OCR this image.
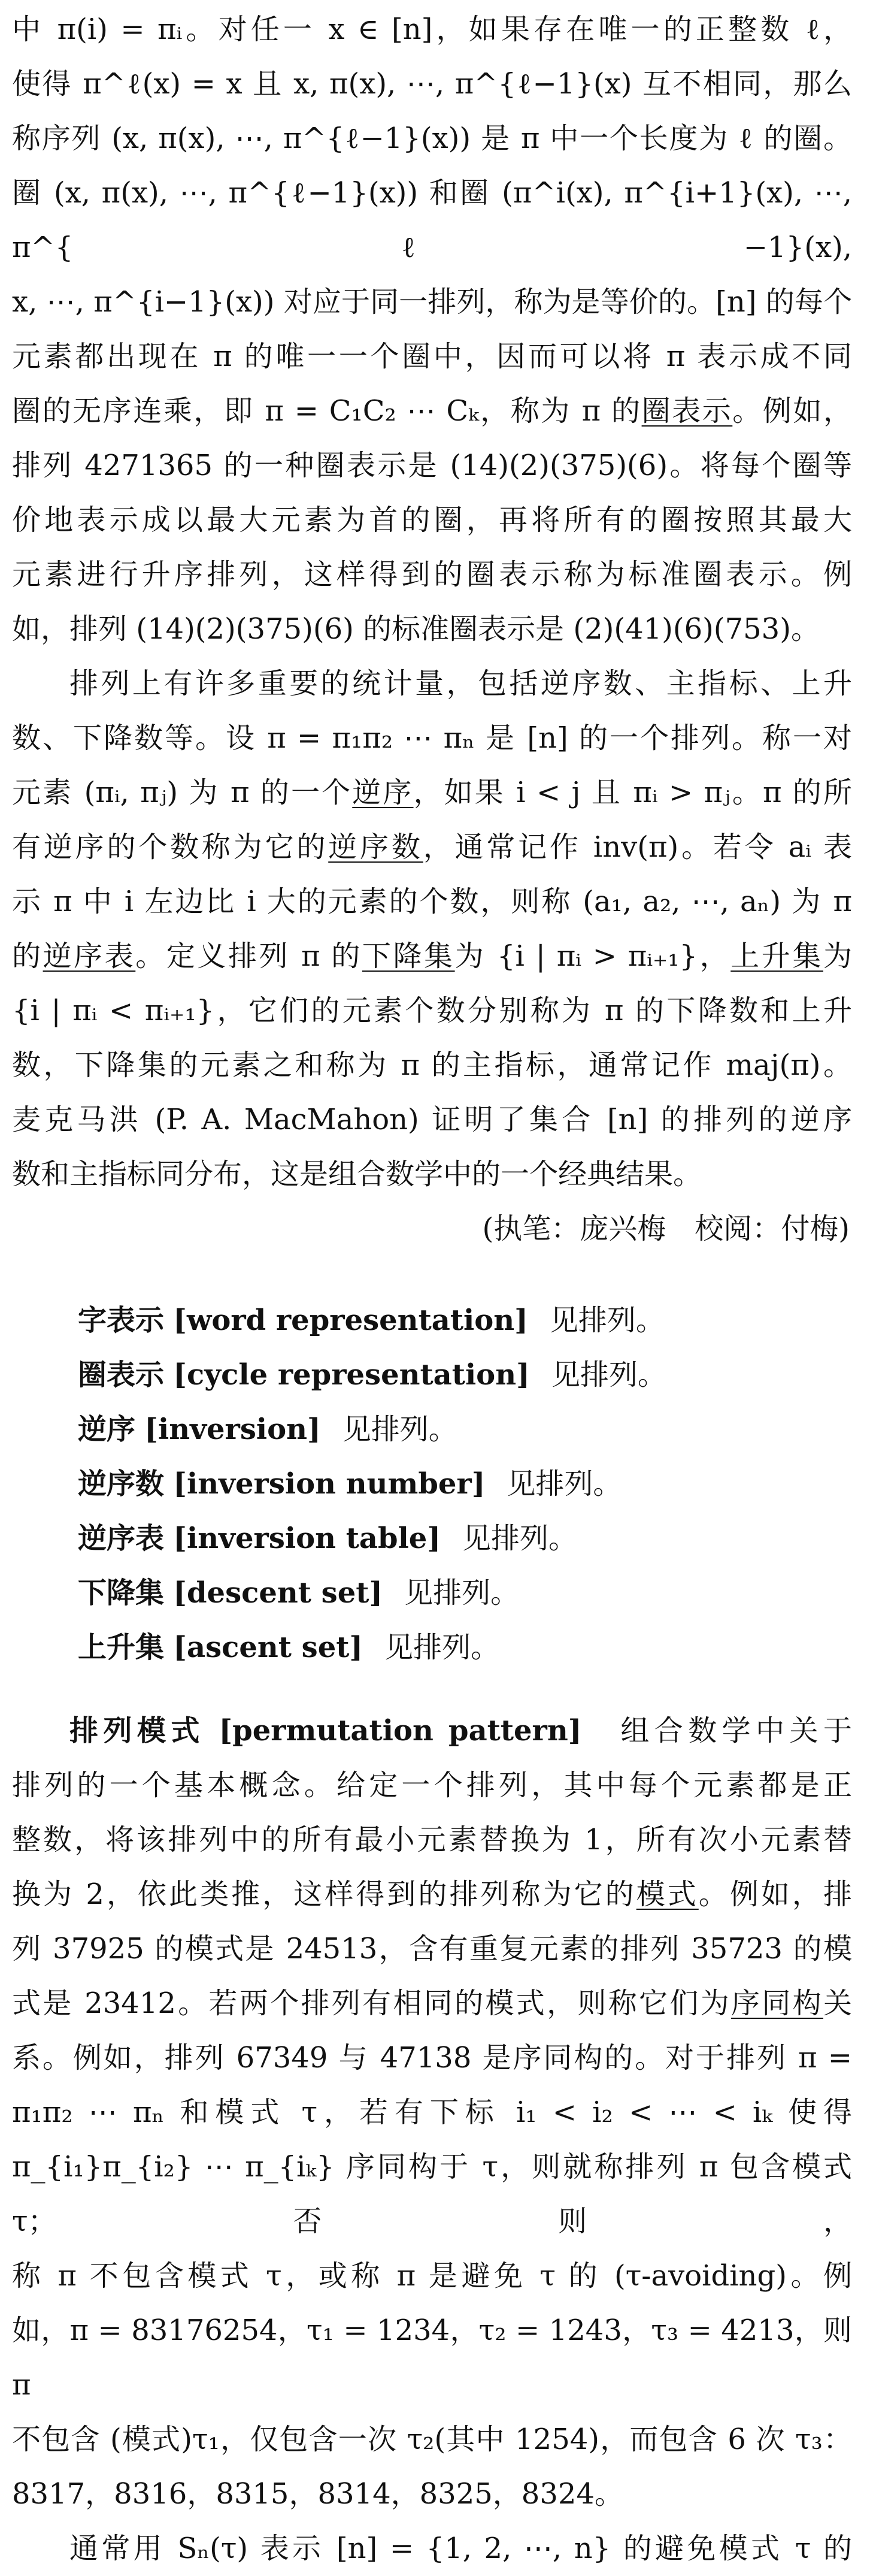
中 π(i) = πᵢ。对任一 x ∈ [n]，如果存在唯一的正整数 ℓ，

使得 π^ℓ(x) = x 且 x, π(x), ⋯, π^{ℓ−1}(x) 互不相同，那么

称序列 (x, π(x), ⋯, π^{ℓ−1}(x)) 是 π 中一个长度为 ℓ 的圈。

圈 (x, π(x), ⋯, π^{ℓ−1}(x)) 和圈 (π^i(x), π^{i+1}(x), ⋯, π^{ℓ−1}(x),

x, ⋯, π^{i−1}(x)) 对应于同一排列，称为是等价的。[n] 的每个

元素都出现在 π 的唯一一个圈中，因而可以将 π 表示成不同

圈的无序连乘，即 π = C₁C₂ ⋯ Cₖ，称为 π 的圈表示。例如，

排列 4271365 的一种圈表示是 (14)(2)(375)(6)。将每个圈等

价地表示成以最大元素为首的圈，再将所有的圈按照其最大

元素进行升序排列，这样得到的圈表示称为标准圈表示。例

如，排列 (14)(2)(375)(6) 的标准圈表示是 (2)(41)(6)(753)。

排列上有许多重要的统计量，包括逆序数、主指标、上升

数、下降数等。设 π = π₁π₂ ⋯ πₙ 是 [n] 的一个排列。称一对

元素 (πᵢ, πⱼ) 为 π 的一个逆序，如果 i < j 且 πᵢ > πⱼ。π 的所

有逆序的个数称为它的逆序数，通常记作 inv(π)。若令 aᵢ 表

示 π 中 i 左边比 i 大的元素的个数，则称 (a₁, a₂, ⋯, aₙ) 为 π

的逆序表。定义排列 π 的下降集为 {i | πᵢ > πᵢ₊₁}，上升集为

{i | πᵢ < πᵢ₊₁}，它们的元素个数分别称为 π 的下降数和上升

数，下降集的元素之和称为 π 的主指标，通常记作 maj(π)。

麦克马洪 (P. A. MacMahon) 证明了集合 [n] 的排列的逆序

数和主指标同分布，这是组合数学中的一个经典结果。

(执笔：庞兴梅　校阅：付梅)

字表示 [word representation] 见排列。

圈表示 [cycle representation] 见排列。

逆序 [inversion] 见排列。

逆序数 [inversion number] 见排列。

逆序表 [inversion table] 见排列。

下降集 [descent set] 见排列。

上升集 [ascent set] 见排列。

排列模式 [permutation pattern]　 组合数学中关于

排列的一个基本概念。给定一个排列，其中每个元素都是正

整数，将该排列中的所有最小元素替换为 1，所有次小元素替

换为 2，依此类推，这样得到的排列称为它的模式。例如，排

列 37925 的模式是 24513，含有重复元素的排列 35723 的模

式是 23412。若两个排列有相同的模式，则称它们为序同构关

系。例如，排列 67349 与 47138 是序同构的。对于排列 π =

π₁π₂ ⋯ πₙ 和模式 τ，若有下标 i₁ < i₂ < ⋯ < iₖ 使得

π_{i₁}π_{i₂} ⋯ π_{iₖ} 序同构于 τ，则就称排列 π 包含模式 τ；否则，

称 π 不包含模式 τ，或称 π 是避免 τ 的 (τ-avoiding)。例

如，π = 83176254，τ₁ = 1234，τ₂ = 1243，τ₃ = 4213，则 π

不包含 (模式)τ₁，仅包含一次 τ₂(其中 1254)，而包含 6 次 τ₃：

8317，8316，8315，8314，8325，8324。

通常用 Sₙ(τ) 表示 [n] = {1, 2, ⋯, n} 的避免模式 τ 的
